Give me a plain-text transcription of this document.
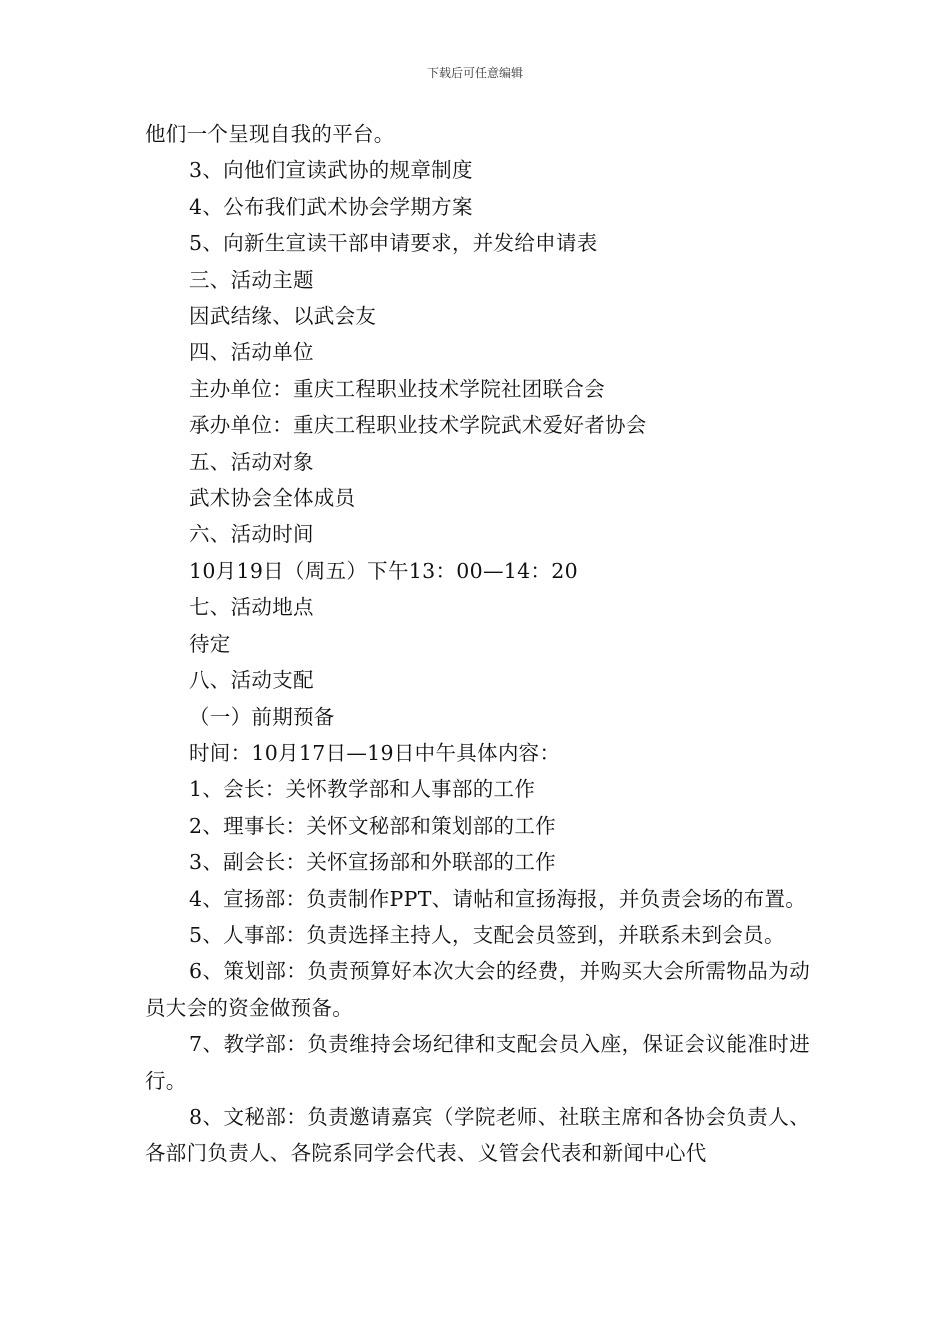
下载后可任意编辑

他们一个呈现自我的平台。

3、向他们宣读武协的规章制度

4、公布我们武术协会学期方案

5、向新生宣读干部申请要求，并发给申请表

三、活动主题

因武结缘、以武会友

四、活动单位

主办单位：重庆工程职业技术学院社团联合会

承办单位：重庆工程职业技术学院武术爱好者协会

五、活动对象

武术协会全体成员

六、活动时间

10月19日（周五）下午13：00—14：20

七、活动地点

待定

八、活动支配

（一）前期预备

时间：10月17日—19日中午具体内容：

1、会长：关怀教学部和人事部的工作

2、理事长：关怀文秘部和策划部的工作

3、副会长：关怀宣扬部和外联部的工作

4、宣扬部：负责制作PPT、请帖和宣扬海报，并负责会场的布置。

5、人事部：负责选择主持人，支配会员签到，并联系未到会员。

6、策划部：负责预算好本次大会的经费，并购买大会所需物品为动员大会的资金做预备。

7、教学部：负责维持会场纪律和支配会员入座，保证会议能准时进行。

8、文秘部：负责邀请嘉宾（学院老师、社联主席和各协会负责人、各部门负责人、各院系同学会代表、义管会代表和新闻中心代
